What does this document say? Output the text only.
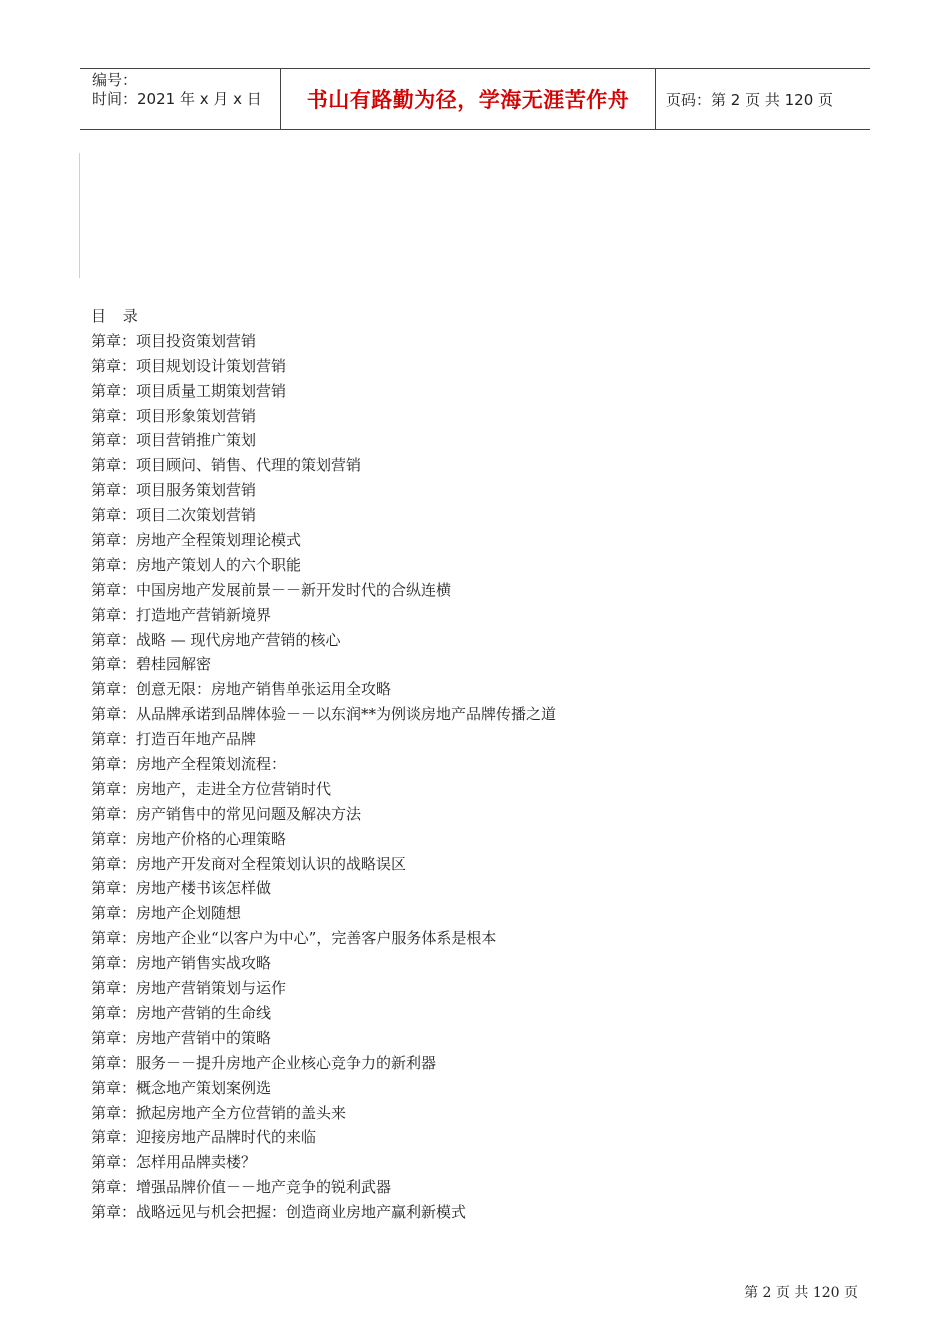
编号：
时间：2021 年 x 月 x 日	书山有路勤为径，学海无涯苦作舟	页码：第 2 页 共 120 页
目 录
第章：项目投资策划营销
第章：项目规划设计策划营销
第章：项目质量工期策划营销
第章：项目形象策划营销
第章：项目营销推广策划
第章：项目顾问、销售、代理的策划营销
第章：项目服务策划营销
第章：项目二次策划营销
第章：房地产全程策划理论模式
第章：房地产策划人的六个职能
第章：中国房地产发展前景－－新开发时代的合纵连横
第章：打造地产营销新境界
第章：战略 — 现代房地产营销的核心
第章：碧桂园解密
第章：创意无限：房地产销售单张运用全攻略
第章：从品牌承诺到品牌体验－－以东润**为例谈房地产品牌传播之道
第章：打造百年地产品牌
第章：房地产全程策划流程：
第章：房地产，走进全方位营销时代
第章：房产销售中的常见问题及解决方法
第章：房地产价格的心理策略
第章：房地产开发商对全程策划认识的战略误区
第章：房地产楼书该怎样做
第章：房地产企划随想
第章：房地产企业“以客户为中心”，完善客户服务体系是根本
第章：房地产销售实战攻略
第章：房地产营销策划与运作
第章：房地产营销的生命线
第章：房地产营销中的策略
第章：服务－－提升房地产企业核心竞争力的新利器
第章：概念地产策划案例选
第章：掀起房地产全方位营销的盖头来
第章：迎接房地产品牌时代的来临
第章：怎样用品牌卖楼？
第章：增强品牌价值－－地产竞争的锐利武器
第章：战略远见与机会把握：创造商业房地产赢利新模式
第 2 页 共 120 页
